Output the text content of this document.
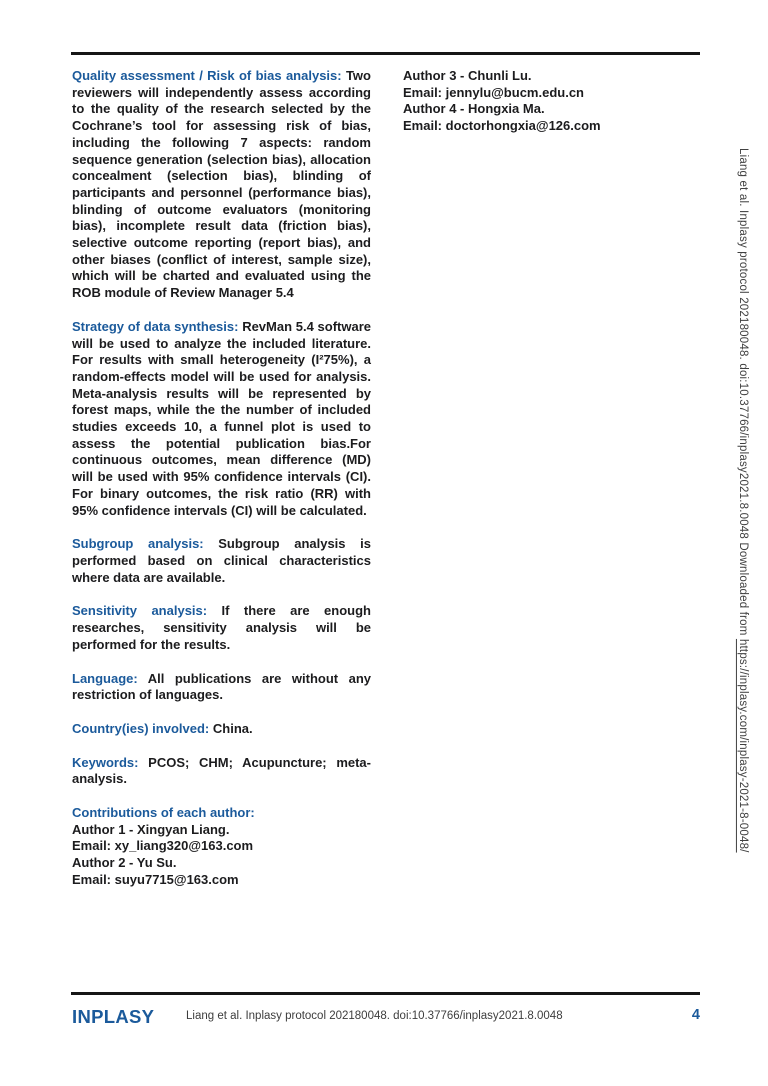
Quality assessment / Risk of bias analysis: Two reviewers will independently assess according to the quality of the research selected by the Cochrane’s tool for assessing risk of bias, including the following 7 aspects: random sequence generation (selection bias), allocation concealment (selection bias), blinding of participants and personnel (performance bias), blinding of outcome evaluators (monitoring bias), incomplete result data (friction bias), selective outcome reporting (report bias), and other biases (conflict of interest, sample size), which will be charted and evaluated using the ROB module of Review Manager 5.4

Strategy of data synthesis: RevMan 5.4 software will be used to analyze the included literature. For results with small heterogeneity (I²75%), a random-effects model will be used for analysis. Meta-analysis results will be represented by forest maps, while the the number of included studies exceeds 10, a funnel plot is used to assess the potential publication bias.For continuous outcomes, mean difference (MD) will be used with 95% confidence intervals (CI). For binary outcomes, the risk ratio (RR) with 95% confidence intervals (CI) will be calculated.

Subgroup analysis: Subgroup analysis is performed based on clinical characteristics where data are available.

Sensitivity analysis: If there are enough researches, sensitivity analysis will be performed for the results.

Language: All publications are without any restriction of languages.

Country(ies) involved: China.

Keywords: PCOS; CHM; Acupuncture; meta-analysis.

Contributions of each author:
Author 1 - Xingyan Liang.
Email: xy_liang320@163.com
Author 2 - Yu Su.
Email: suyu7715@163.com

Author 3 - Chunli Lu.
Email: jennylu@bucm.edu.cn
Author 4 - Hongxia Ma.
Email: doctorhongxia@126.com
Liang et al. Inplasy protocol 202180048. doi:10.37766/inplasy2021.8.0048 Downloaded from https://inplasy.com/inplasy-2021-8-0048/
INPLASY	Liang et al. Inplasy protocol 202180048. doi:10.37766/inplasy2021.8.0048	4
